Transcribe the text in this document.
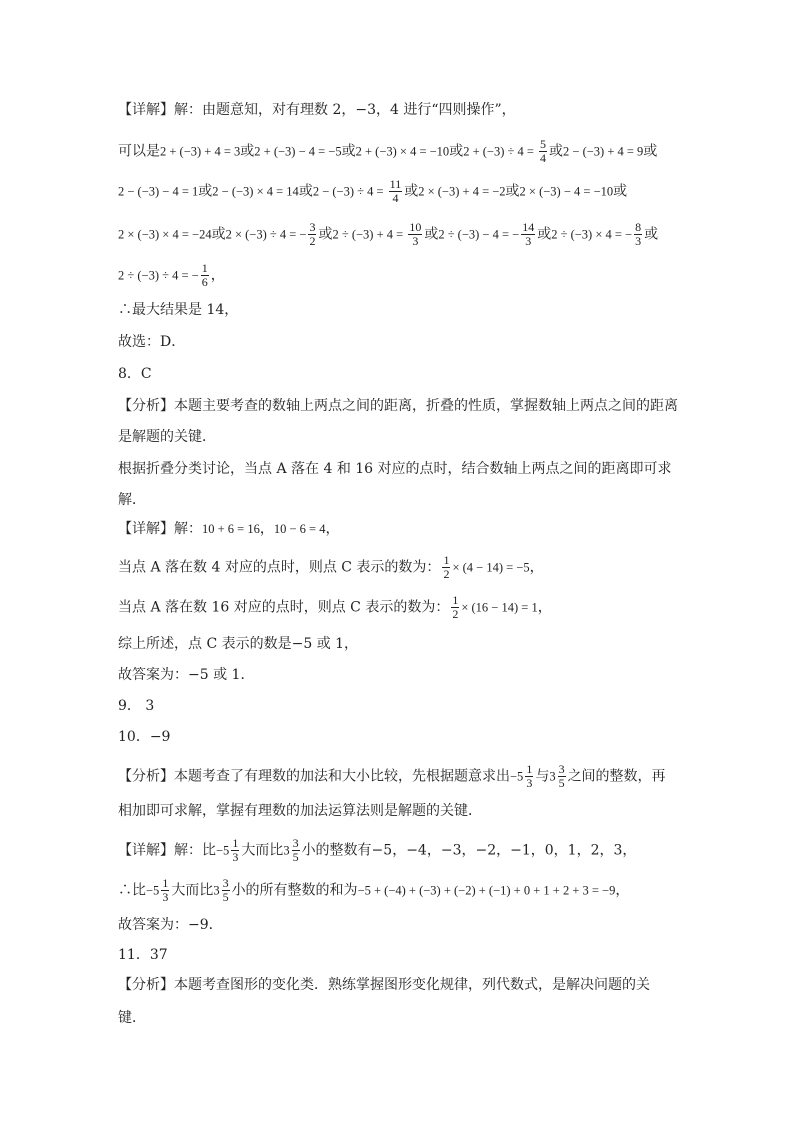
【详解】解：由题意知，对有理数 2，−3，4 进行“四则操作”，
可以是2 + (−3) + 4 = 3或2 + (−3) − 4 = −5或2 + (−3) × 4 = −10或$2 + (-3) \div 4 = \frac{5}{4}$ 或2 − (−3) + 4 = 9或
2 − (−3) − 4 = 1或2 − (−3) × 4 = 14或$2 - (-3) \div 4 = \frac{11}{4}$ 或2 × (−3) + 4 = −2或2 × (−3) − 4 = −10或
2 × (−3) × 4 = −24或2 × (−3) ÷ 4 = − $\frac{3}{2}$ 或$2 \div (-3) + 4 = \frac{10}{3}$ 或2 ÷ (−3) − 4 = − $\frac{14}{3}$ 或2 ÷ (−3) × 4 = − $\frac{8}{3}$ 或
2 ÷ (−3) ÷ 4 = − $\frac{1}{6}$ ，
∴最大结果是 14，
故选：D．
8．C
【分析】本题主要考查的数轴上两点之间的距离，折叠的性质，掌握数轴上两点之间的距离
是解题的关键．
根据折叠分类讨论，当点 A 落在 4 和 16 对应的点时，结合数轴上两点之间的距离即可求
解．
【详解】解：10 + 6 = 16，10 − 6 = 4，
当点 A 落在数 4 对应的点时，则点 C 表示的数为： $\frac{1}{2} \times (4 - 14) = -5$，
当点 A 落在数 16 对应的点时，则点 C 表示的数为： $\frac{1}{2} \times (16 - 14) = 1$，
综上所述，点 C 表示的数是−5 或 1，
故答案为：−5 或 1．
9． 3
10．−9
【分析】本题考查了有理数的加法和大小比较，先根据题意求出$-5 \frac{1}{3}$ 与$3 \frac{3}{5}$ 之间的整数，再
相加即可求解，掌握有理数的加法运算法则是解题的关键．
【详解】解：比$-5 \frac{1}{3}$ 大而比$3 \frac{3}{5}$ 小的整数有−5，−4，−3，−2，−1，0，1，2，3，
∴比$-5 \frac{1}{3}$ 大而比$3 \frac{3}{5}$ 小的所有整数的和为−5 + (−4) + (−3) + (−2) + (−1) + 0 + 1 + 2 + 3 = −9，
故答案为：−9．
11．37
【分析】本题考查图形的变化类．熟练掌握图形变化规律，列代数式，是解决问题的关
键．
